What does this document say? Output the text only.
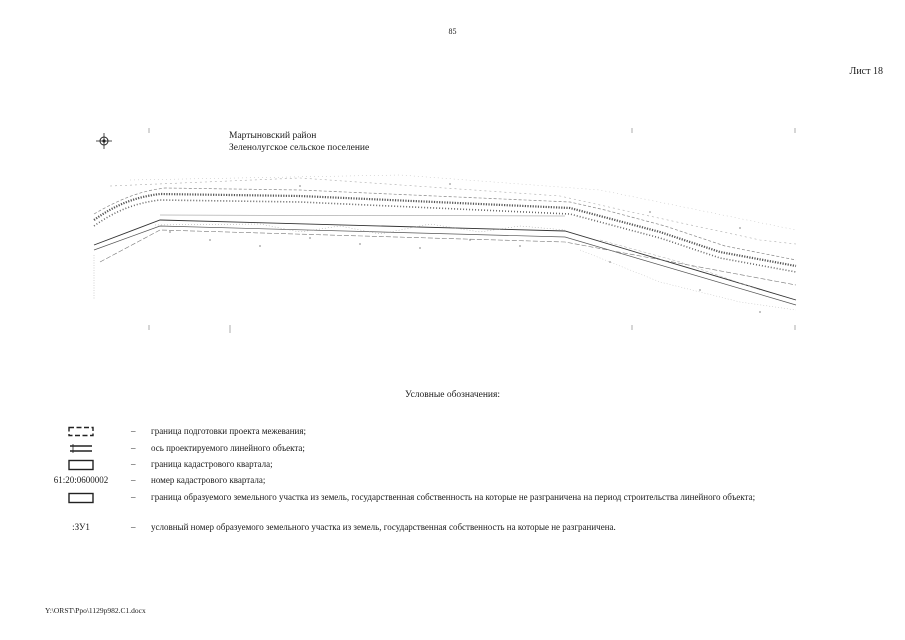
85
Лист 18
Мартыновский район
Зеленолугское сельское поселение
Условные обозначения:
– граница подготовки проекта межевания;
– ось проектируемого линейного объекта;
– граница кадастрового квартала;
61:20:0600002	– номер кадастрового квартала;
– граница образуемого земельного участка из земель, государственная собственность на которые не разграничена на период строительства линейного объекта;
:ЗУ1	– условный номер образуемого земельного участка из земель, государственная собственность на которые не разграничена.
Y:\ORST\Ppo\1129р982.С1.docx
